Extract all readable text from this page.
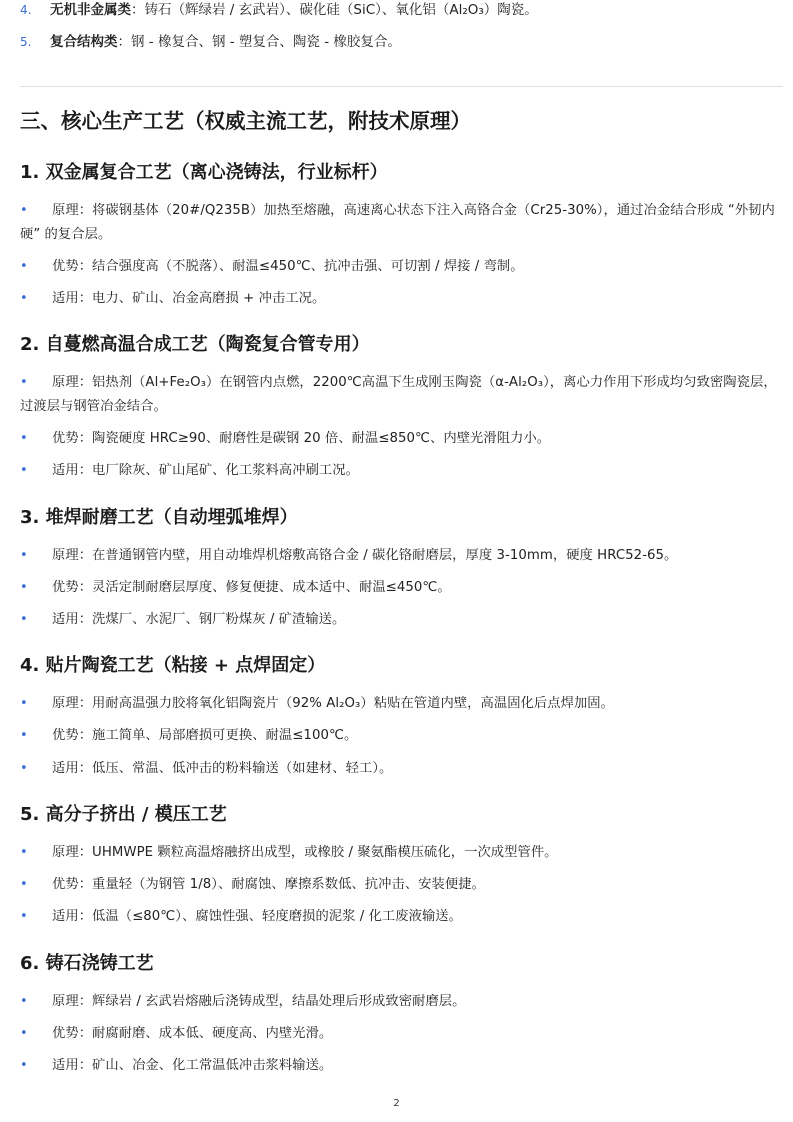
4. 无机非金属类：铸石（辉绿岩 / 玄武岩）、碳化硅（SiC）、氧化铝（Al₂O₃）陶瓷。
5. 复合结构类：钢 - 橡复合、钢 - 塑复合、陶瓷 - 橡胶复合。
三、核心生产工艺（权威主流工艺，附技术原理）
1. 双金属复合工艺（离心浇铸法，行业标杆）
•	原理：将碳钢基体（20#/Q235B）加热至熔融，高速离心状态下注入高铬合金（Cr25-30%），通过冶金结合形成 “外韧内硬” 的复合层。
•	优势：结合强度高（不脱落）、耐温≤450℃、抗冲击强、可切割 / 焊接 / 弯制。
•	适用：电力、矿山、冶金高磨损 + 冲击工况。
2. 自蔓燃高温合成工艺（陶瓷复合管专用）
•	原理：铝热剂（Al+Fe₂O₃）在钢管内点燃，2200℃高温下生成刚玉陶瓷（α-Al₂O₃），离心力作用下形成均匀致密陶瓷层，过渡层与钢管冶金结合。
•	优势：陶瓷硬度 HRC≥90、耐磨性是碳钢 20 倍、耐温≤850℃、内壁光滑阻力小。
•	适用：电厂除灰、矿山尾矿、化工浆料高冲刷工况。
3. 堆焊耐磨工艺（自动埋弧堆焊）
•	原理：在普通钢管内壁，用自动堆焊机熔敷高铬合金 / 碳化铬耐磨层，厚度 3-10mm，硬度 HRC52-65。
•	优势：灵活定制耐磨层厚度、修复便捷、成本适中、耐温≤450℃。
•	适用：洗煤厂、水泥厂、钢厂粉煤灰 / 矿渣输送。
4. 贴片陶瓷工艺（粘接 + 点焊固定）
•	原理：用耐高温强力胶将氧化铝陶瓷片（92% Al₂O₃）粘贴在管道内壁，高温固化后点焊加固。
•	优势：施工简单、局部磨损可更换、耐温≤100℃。
•	适用：低压、常温、低冲击的粉料输送（如建材、轻工）。
5. 高分子挤出 / 模压工艺
•	原理：UHMWPE 颗粒高温熔融挤出成型，或橡胶 / 聚氨酯模压硫化，一次成型管件。
•	优势：重量轻（为钢管 1/8）、耐腐蚀、摩擦系数低、抗冲击、安装便捷。
•	适用：低温（≤80℃）、腐蚀性强、轻度磨损的泥浆 / 化工废液输送。
6. 铸石浇铸工艺
•	原理：辉绿岩 / 玄武岩熔融后浇铸成型，结晶处理后形成致密耐磨层。
•	优势：耐腐耐磨、成本低、硬度高、内壁光滑。
•	适用：矿山、冶金、化工常温低冲击浆料输送。
2
